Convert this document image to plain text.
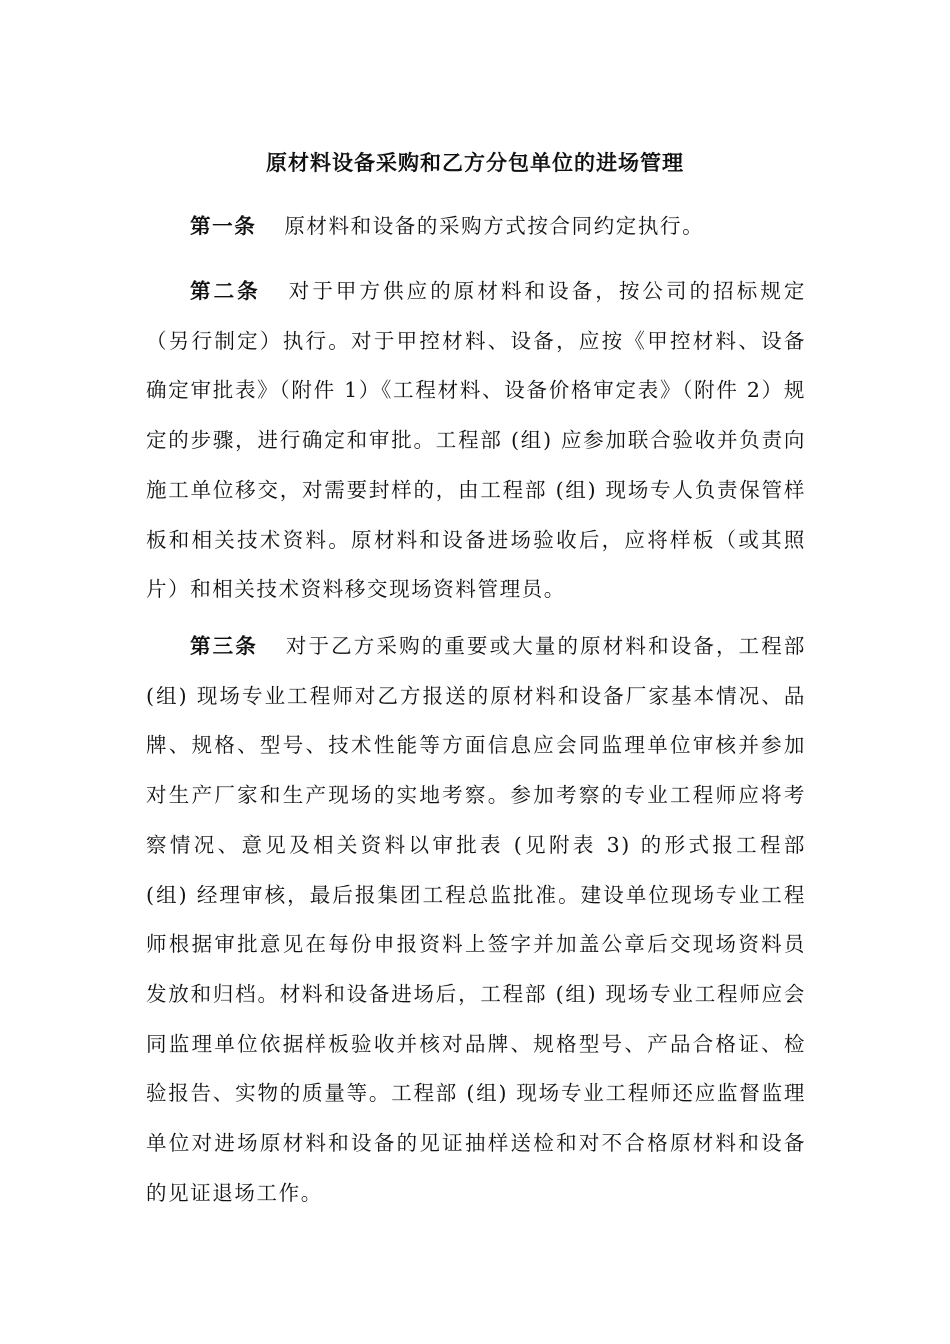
原材料设备采购和乙方分包单位的进场管理

第一条 原材料和设备的采购方式按合同约定执行。

第二条 对于甲方供应的原材料和设备，按公司的招标规定（另行制定）执行。对于甲控材料、设备，应按《甲控材料、设备确定审批表》（附件 1）《工程材料、设备价格审定表》（附件 2）规定的步骤，进行确定和审批。工程部 (组) 应参加联合验收并负责向施工单位移交，对需要封样的，由工程部 (组) 现场专人负责保管样板和相关技术资料。原材料和设备进场验收后，应将样板（或其照片）和相关技术资料移交现场资料管理员。

第三条 对于乙方采购的重要或大量的原材料和设备，工程部 (组) 现场专业工程师对乙方报送的原材料和设备厂家基本情况、品牌、规格、型号、技术性能等方面信息应会同监理单位审核并参加对生产厂家和生产现场的实地考察。参加考察的专业工程师应将考察情况、意见及相关资料以审批表 (见附表 3) 的形式报工程部 (组) 经理审核，最后报集团工程总监批准。建设单位现场专业工程师根据审批意见在每份申报资料上签字并加盖公章后交现场资料员发放和归档。材料和设备进场后，工程部 (组) 现场专业工程师应会同监理单位依据样板验收并核对品牌、规格型号、产品合格证、检验报告、实物的质量等。工程部 (组) 现场专业工程师还应监督监理单位对进场原材料和设备的见证抽样送检和对不合格原材料和设备的见证退场工作。
